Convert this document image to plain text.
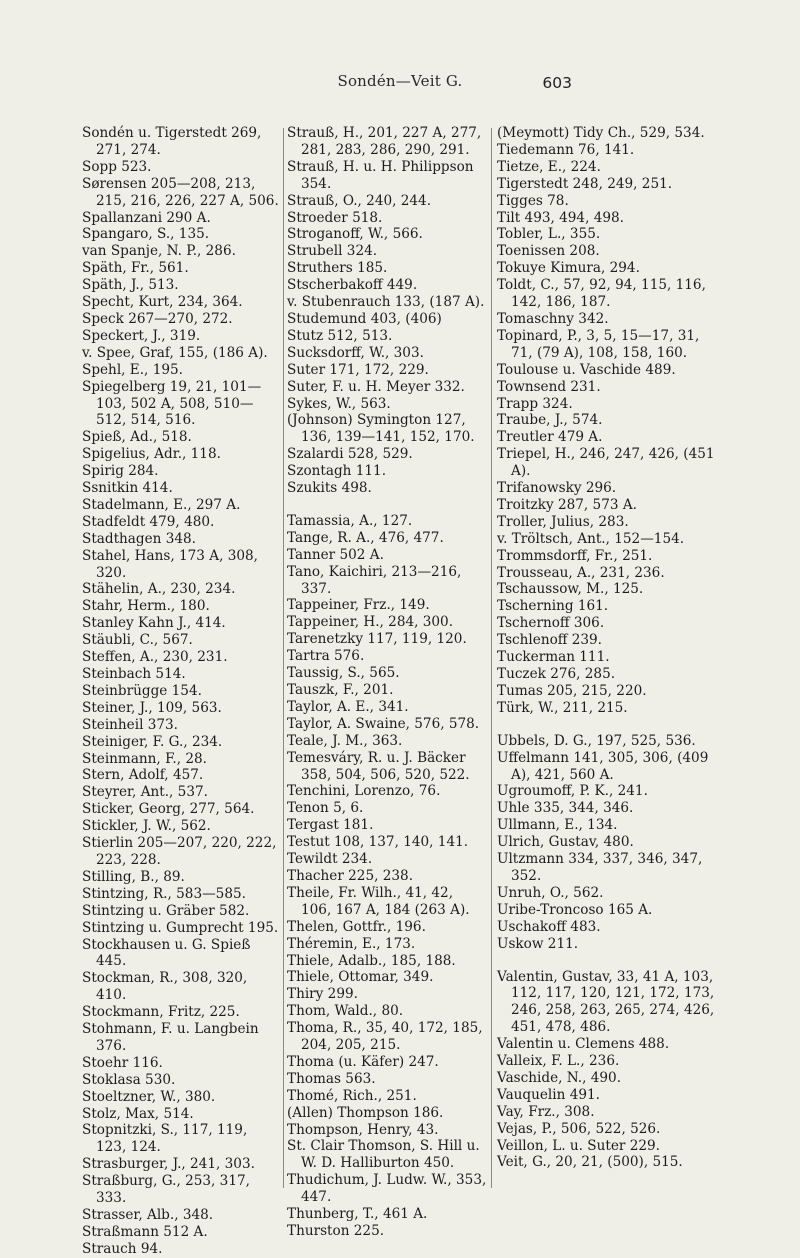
Sondén—Veit G.	603

Sondén u. Tigerstedt 269, 271, 274.

Sopp 523.

Sørensen 205—208, 213, 215, 216, 226, 227 A, 506.

Spallanzani 290 A.

Spangaro, S., 135.

van Spanje, N. P., 286.

Späth, Fr., 561.

Späth, J., 513.

Specht, Kurt, 234, 364.

Speck 267—270, 272.

Speckert, J., 319.

v. Spee, Graf, 155, (186 A).

Spehl, E., 195.

Spiegelberg 19, 21, 101—103, 502 A, 508, 510—512, 514, 516.

Spieß, Ad., 518.

Spigelius, Adr., 118.

Spirig 284.

Ssnitkin 414.

Stadelmann, E., 297 A.

Stadfeldt 479, 480.

Stadthagen 348.

Stahel, Hans, 173 A, 308, 320.

Stähelin, A., 230, 234.

Stahr, Herm., 180.

Stanley Kahn J., 414.

Stäubli, C., 567.

Steffen, A., 230, 231.

Steinbach 514.

Steinbrügge 154.

Steiner, J., 109, 563.

Steinheil 373.

Steiniger, F. G., 234.

Steinmann, F., 28.

Stern, Adolf, 457.

Steyrer, Ant., 537.

Sticker, Georg, 277, 564.

Stickler, J. W., 562.

Stierlin 205—207, 220, 222, 223, 228.

Stilling, B., 89.

Stintzing, R., 583—585.

Stintzing u. Gräber 582.

Stintzing u. Gumprecht 195.

Stockhausen u. G. Spieß 445.

Stockman, R., 308, 320, 410.

Stockmann, Fritz, 225.

Stohmann, F. u. Langbein 376.

Stoehr 116.

Stoklasa 530.

Stoeltzner, W., 380.

Stolz, Max, 514.

Stopnitzki, S., 117, 119, 123, 124.

Strasburger, J., 241, 303.

Straßburg, G., 253, 317, 333.

Strasser, Alb., 348.

Straßmann 512 A.

Strauch 94.

Strauß, H., 201, 227 A, 277, 281, 283, 286, 290, 291.

Strauß, H. u. H. Philippson 354.

Strauß, O., 240, 244.

Stroeder 518.

Stroganoff, W., 566.

Strubell 324.

Struthers 185.

Stscherbakoff 449.

v. Stubenrauch 133, (187 A).

Studemund 403, (406)

Stutz 512, 513.

Sucksdorff, W., 303.

Suter 171, 172, 229.

Suter, F. u. H. Meyer 332.

Sykes, W., 563.

(Johnson) Symington 127, 136, 139—141, 152, 170.

Szalardi 528, 529.

Szontagh 111.

Szukits 498.

Tamassia, A., 127.

Tange, R. A., 476, 477.

Tanner 502 A.

Tano, Kaichiri, 213—216, 337.

Tappeiner, Frz., 149.

Tappeiner, H., 284, 300.

Tarenetzky 117, 119, 120.

Tartra 576.

Taussig, S., 565.

Tauszk, F., 201.

Taylor, A. E., 341.

Taylor, A. Swaine, 576, 578.

Teale, J. M., 363.

Temesváry, R. u. J. Bäcker 358, 504, 506, 520, 522.

Tenchini, Lorenzo, 76.

Tenon 5, 6.

Tergast 181.

Testut 108, 137, 140, 141.

Tewildt 234.

Thacher 225, 238.

Theile, Fr. Wilh., 41, 42, 106, 167 A, 184 (263 A).

Thelen, Gottfr., 196.

Théremin, E., 173.

Thiele, Adalb., 185, 188.

Thiele, Ottomar, 349.

Thiry 299.

Thom, Wald., 80.

Thoma, R., 35, 40, 172, 185, 204, 205, 215.

Thoma (u. Käfer) 247.

Thomas 563.

Thomé, Rich., 251.

(Allen) Thompson 186.

Thompson, Henry, 43.

St. Clair Thomson, S. Hill u. W. D. Halliburton 450.

Thudichum, J. Ludw. W., 353, 447.

Thunberg, T., 461 A.

Thurston 225.

(Meymott) Tidy Ch., 529, 534.

Tiedemann 76, 141.

Tietze, E., 224.

Tigerstedt 248, 249, 251.

Tigges 78.

Tilt 493, 494, 498.

Tobler, L., 355.

Toenissen 208.

Tokuye Kimura, 294.

Toldt, C., 57, 92, 94, 115, 116, 142, 186, 187.

Tomaschny 342.

Topinard, P., 3, 5, 15—17, 31, 71, (79 A), 108, 158, 160.

Toulouse u. Vaschide 489.

Townsend 231.

Trapp 324.

Traube, J., 574.

Treutler 479 A.

Triepel, H., 246, 247, 426, (451 A).

Trifanowsky 296.

Troitzky 287, 573 A.

Troller, Julius, 283.

v. Tröltsch, Ant., 152—154.

Trommsdorff, Fr., 251.

Trousseau, A., 231, 236.

Tschaussow, M., 125.

Tscherning 161.

Tschernoff 306.

Tschlenoff 239.

Tuckerman 111.

Tuczek 276, 285.

Tumas 205, 215, 220.

Türk, W., 211, 215.

Ubbels, D. G., 197, 525, 536.

Uffelmann 141, 305, 306, (409 A), 421, 560 A.

Ugroumoff, P. K., 241.

Uhle 335, 344, 346.

Ullmann, E., 134.

Ulrich, Gustav, 480.

Ultzmann 334, 337, 346, 347, 352.

Unruh, O., 562.

Uribe-Troncoso 165 A.

Uschakoff 483.

Uskow 211.

Valentin, Gustav, 33, 41 A, 103, 112, 117, 120, 121, 172, 173, 246, 258, 263, 265, 274, 426, 451, 478, 486.

Valentin u. Clemens 488.

Valleix, F. L., 236.

Vaschide, N., 490.

Vauquelin 491.

Vay, Frz., 308.

Vejas, P., 506, 522, 526.

Veillon, L. u. Suter 229.

Veit, G., 20, 21, (500), 515.
